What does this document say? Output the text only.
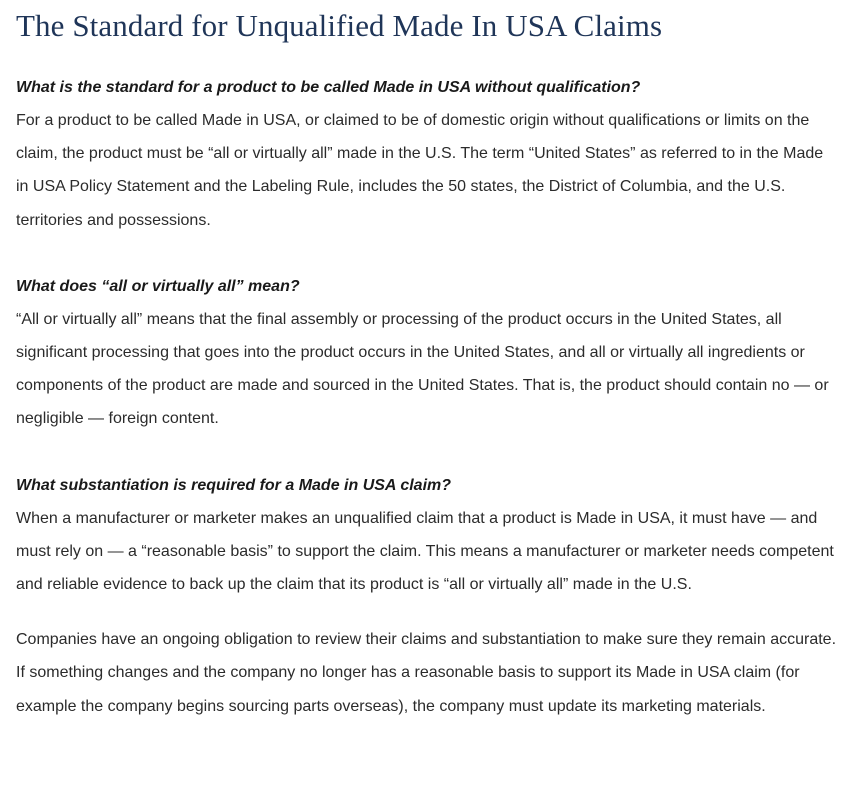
The Standard for Unqualified Made In USA Claims

What is the standard for a product to be called Made in USA without qualification?

For a product to be called Made in USA, or claimed to be of domestic origin without qualifications or limits on the claim, the product must be “all or virtually all” made in the U.S. The term “United States” as referred to in the Made in USA Policy Statement and the Labeling Rule, includes the 50 states, the District of Columbia, and the U.S. territories and possessions.

What does “all or virtually all” mean?

“All or virtually all” means that the final assembly or processing of the product occurs in the United States, all significant processing that goes into the product occurs in the United States, and all or virtually all ingredients or components of the product are made and sourced in the United States. That is, the product should contain no — or negligible — foreign content.

What substantiation is required for a Made in USA claim?

When a manufacturer or marketer makes an unqualified claim that a product is Made in USA, it must have — and must rely on — a “reasonable basis” to support the claim. This means a manufacturer or marketer needs competent and reliable evidence to back up the claim that its product is “all or virtually all” made in the U.S.

Companies have an ongoing obligation to review their claims and substantiation to make sure they remain accurate. If something changes and the company no longer has a reasonable basis to support its Made in USA claim (for example the company begins sourcing parts overseas), the company must update its marketing materials.
